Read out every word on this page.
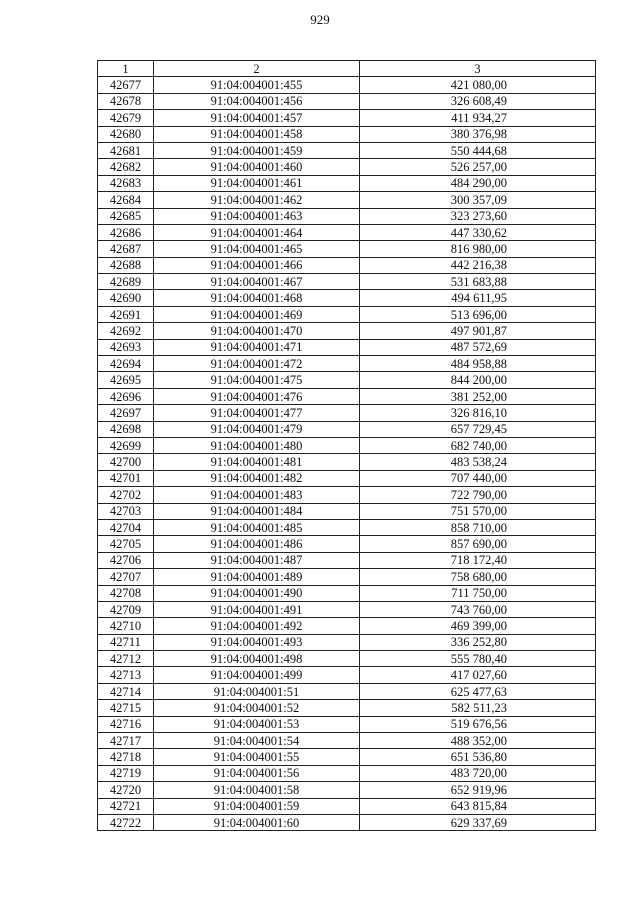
929
1	2	3
42677	91:04:004001:455	421 080,00
42678	91:04:004001:456	326 608,49
42679	91:04:004001:457	411 934,27
42680	91:04:004001:458	380 376,98
42681	91:04:004001:459	550 444,68
42682	91:04:004001:460	526 257,00
42683	91:04:004001:461	484 290,00
42684	91:04:004001:462	300 357,09
42685	91:04:004001:463	323 273,60
42686	91:04:004001:464	447 330,62
42687	91:04:004001:465	816 980,00
42688	91:04:004001:466	442 216,38
42689	91:04:004001:467	531 683,88
42690	91:04:004001:468	494 611,95
42691	91:04:004001:469	513 696,00
42692	91:04:004001:470	497 901,87
42693	91:04:004001:471	487 572,69
42694	91:04:004001:472	484 958,88
42695	91:04:004001:475	844 200,00
42696	91:04:004001:476	381 252,00
42697	91:04:004001:477	326 816,10
42698	91:04:004001:479	657 729,45
42699	91:04:004001:480	682 740,00
42700	91:04:004001:481	483 538,24
42701	91:04:004001:482	707 440,00
42702	91:04:004001:483	722 790,00
42703	91:04:004001:484	751 570,00
42704	91:04:004001:485	858 710,00
42705	91:04:004001:486	857 690,00
42706	91:04:004001:487	718 172,40
42707	91:04:004001:489	758 680,00
42708	91:04:004001:490	711 750,00
42709	91:04:004001:491	743 760,00
42710	91:04:004001:492	469 399,00
42711	91:04:004001:493	336 252,80
42712	91:04:004001:498	555 780,40
42713	91:04:004001:499	417 027,60
42714	91:04:004001:51	625 477,63
42715	91:04:004001:52	582 511,23
42716	91:04:004001:53	519 676,56
42717	91:04:004001:54	488 352,00
42718	91:04:004001:55	651 536,80
42719	91:04:004001:56	483 720,00
42720	91:04:004001:58	652 919,96
42721	91:04:004001:59	643 815,84
42722	91:04:004001:60	629 337,69
